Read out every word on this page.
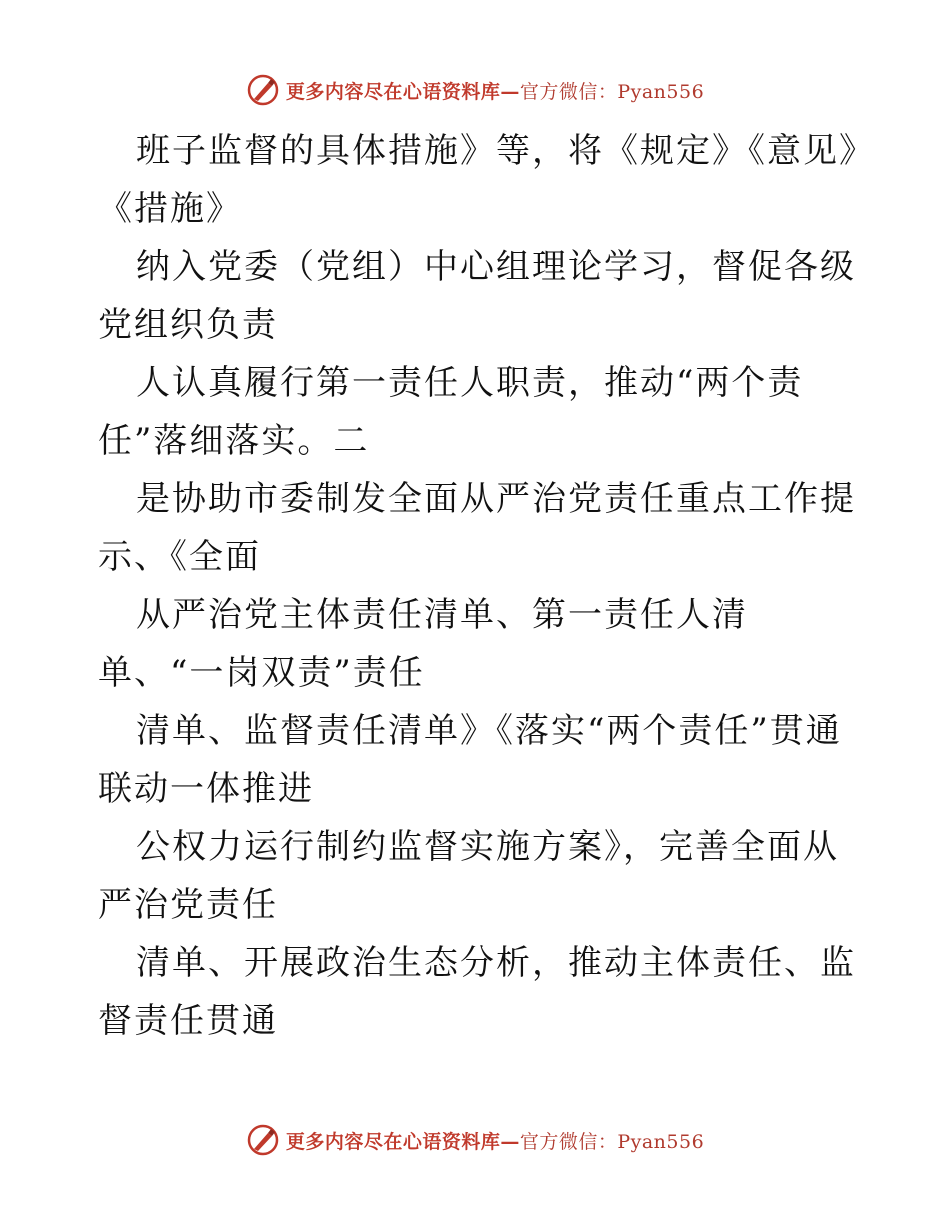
更多内容尽在心语资料库—官方微信：Pyan556

班子监督的具体措施》等，将《规定》《意见》《措施》

纳入党委（党组）中心组理论学习，督促各级党组织负责

人认真履行第一责任人职责，推动“两个责任”落细落实。二

是协助市委制发全面从严治党责任重点工作提示、《全面

从严治党主体责任清单、第一责任人清单、“一岗双责”责任

清单、监督责任清单》《落实“两个责任”贯通联动一体推进

公权力运行制约监督实施方案》，完善全面从严治党责任

清单、开展政治生态分析，推动主体责任、监督责任贯通

更多内容尽在心语资料库—官方微信：Pyan556
